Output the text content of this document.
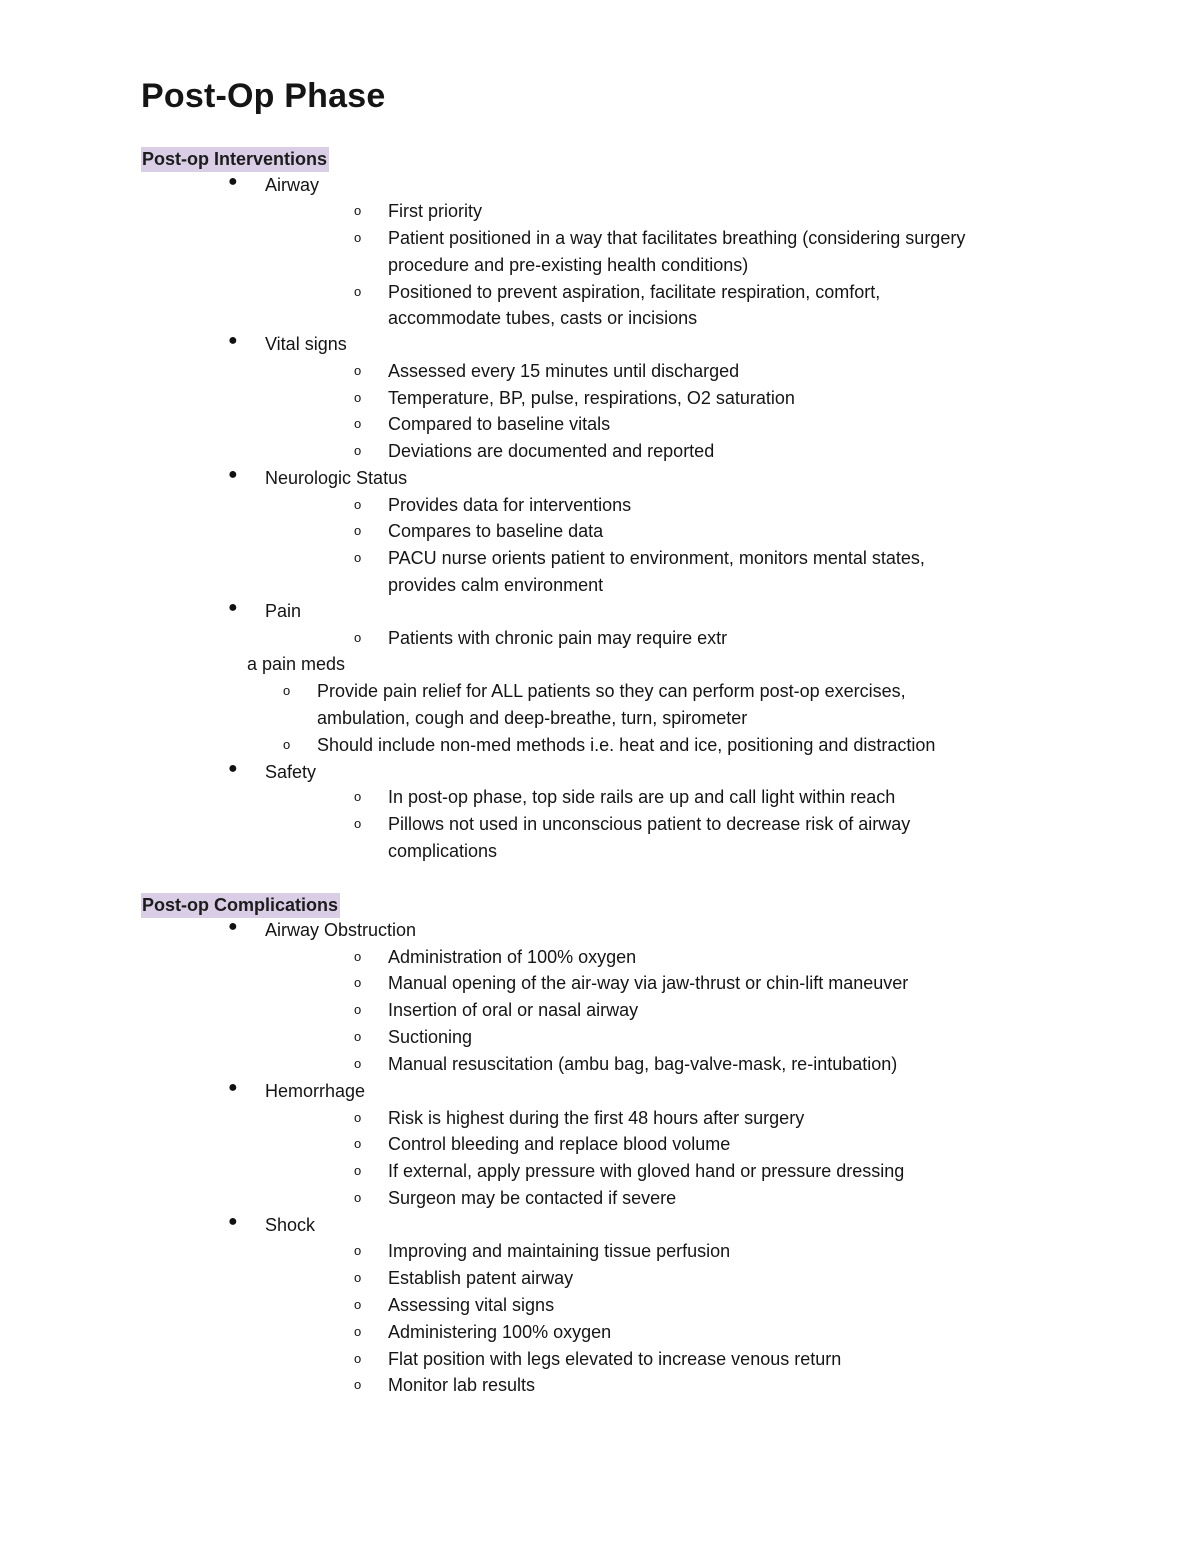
Post-Op Phase
Post-op Interventions
● Airway
o First priority
o Patient positioned in a way that facilitates breathing (considering surgery
procedure and pre-existing health conditions)
o Positioned to prevent aspiration, facilitate respiration, comfort,
accommodate tubes, casts or incisions
● Vital signs
o Assessed every 15 minutes until discharged
o Temperature, BP, pulse, respirations, O2 saturation
o Compared to baseline vitals
o Deviations are documented and reported
● Neurologic Status
o Provides data for interventions
o Compares to baseline data
o PACU nurse orients patient to environment, monitors mental states,
provides calm environment
● Pain
o Patients with chronic pain may require extr
a pain meds
o Provide pain relief for ALL patients so they can perform post-op exercises,
ambulation, cough and deep-breathe, turn, spirometer
o Should include non-med methods i.e. heat and ice, positioning and distraction
● Safety
o In post-op phase, top side rails are up and call light within reach
o Pillows not used in unconscious patient to decrease risk of airway
complications
Post-op Complications
● Airway Obstruction
o Administration of 100% oxygen
o Manual opening of the air-way via jaw-thrust or chin-lift maneuver
o Insertion of oral or nasal airway
o Suctioning
o Manual resuscitation (ambu bag, bag-valve-mask, re-intubation)
● Hemorrhage
o Risk is highest during the first 48 hours after surgery
o Control bleeding and replace blood volume
o If external, apply pressure with gloved hand or pressure dressing
o Surgeon may be contacted if severe
● Shock
o Improving and maintaining tissue perfusion
o Establish patent airway
o Assessing vital signs
o Administering 100% oxygen
o Flat position with legs elevated to increase venous return
o Monitor lab results
